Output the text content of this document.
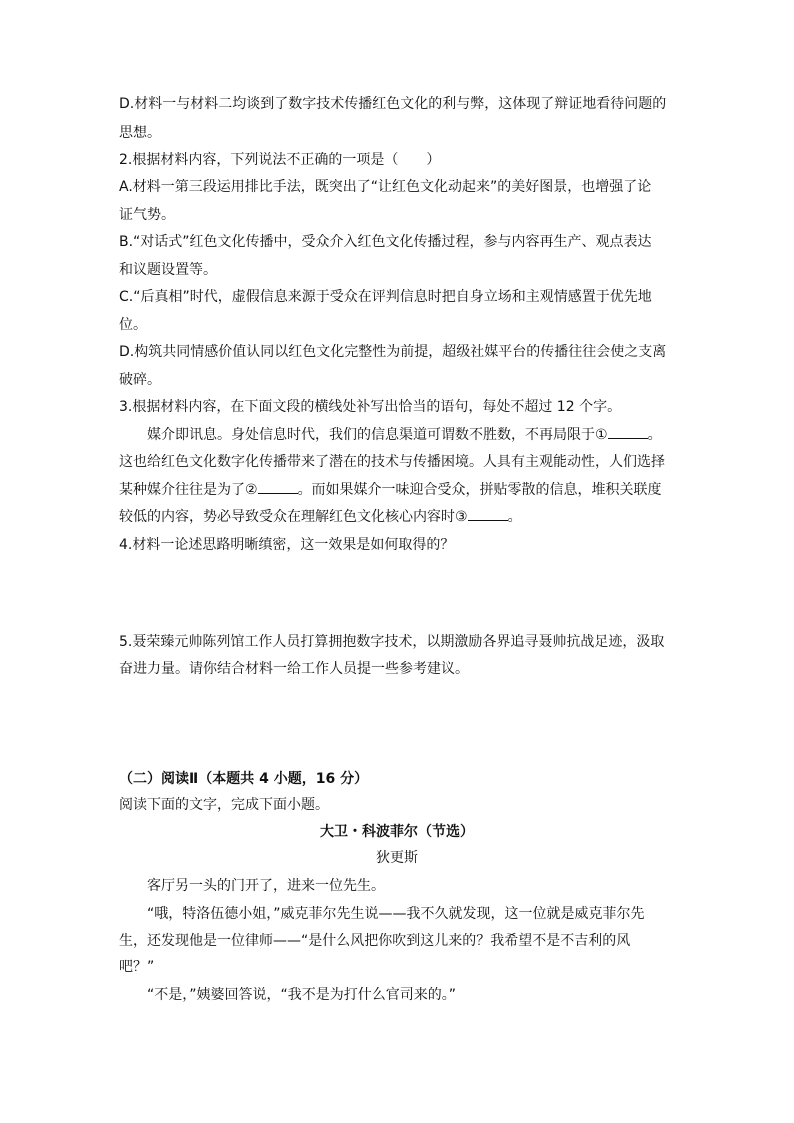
D.材料一与材料二均谈到了数字技术传播红色文化的利与弊，这体现了辩证地看待问题的
思想。
2.根据材料内容，下列说法不正确的一项是（　　）
A.材料一第三段运用排比手法，既突出了“让红色文化动起来”的美好图景，也增强了论
证气势。
B.“对话式”红色文化传播中，受众介入红色文化传播过程，参与内容再生产、观点表达
和议题设置等。
C.“后真相”时代，虚假信息来源于受众在评判信息时把自身立场和主观情感置于优先地
位。
D.构筑共同情感价值认同以红色文化完整性为前提，超级社媒平台的传播往往会使之支离
破碎。
3.根据材料内容，在下面文段的横线处补写出恰当的语句，每处不超过 12 个字。
媒介即讯息。身处信息时代，我们的信息渠道可谓数不胜数，不再局限于①	。
这也给红色文化数字化传播带来了潜在的技术与传播困境。人具有主观能动性，人们选择
某种媒介往往是为了②	。而如果媒介一味迎合受众，拼贴零散的信息，堆积关联度
较低的内容，势必导致受众在理解红色文化核心内容时③	。
4.材料一论述思路明晰缜密，这一效果是如何取得的？
5.聂荣臻元帅陈列馆工作人员打算拥抱数字技术，以期激励各界追寻聂帅抗战足迹，汲取
奋进力量。请你结合材料一给工作人员提一些参考建议。
（二）阅读Ⅱ（本题共 4 小题，16 分）
阅读下面的文字，完成下面小题。
大卫・科波菲尔（节选）
狄更斯
客厅另一头的门开了，进来一位先生。
“哦，特洛伍德小姐，”威克菲尔先生说——我不久就发现，这一位就是威克菲尔先
生，还发现他是一位律师——“是什么风把你吹到这儿来的？我希望不是不吉利的风
吧？”
“不是，”姨婆回答说，“我不是为打什么官司来的。”
